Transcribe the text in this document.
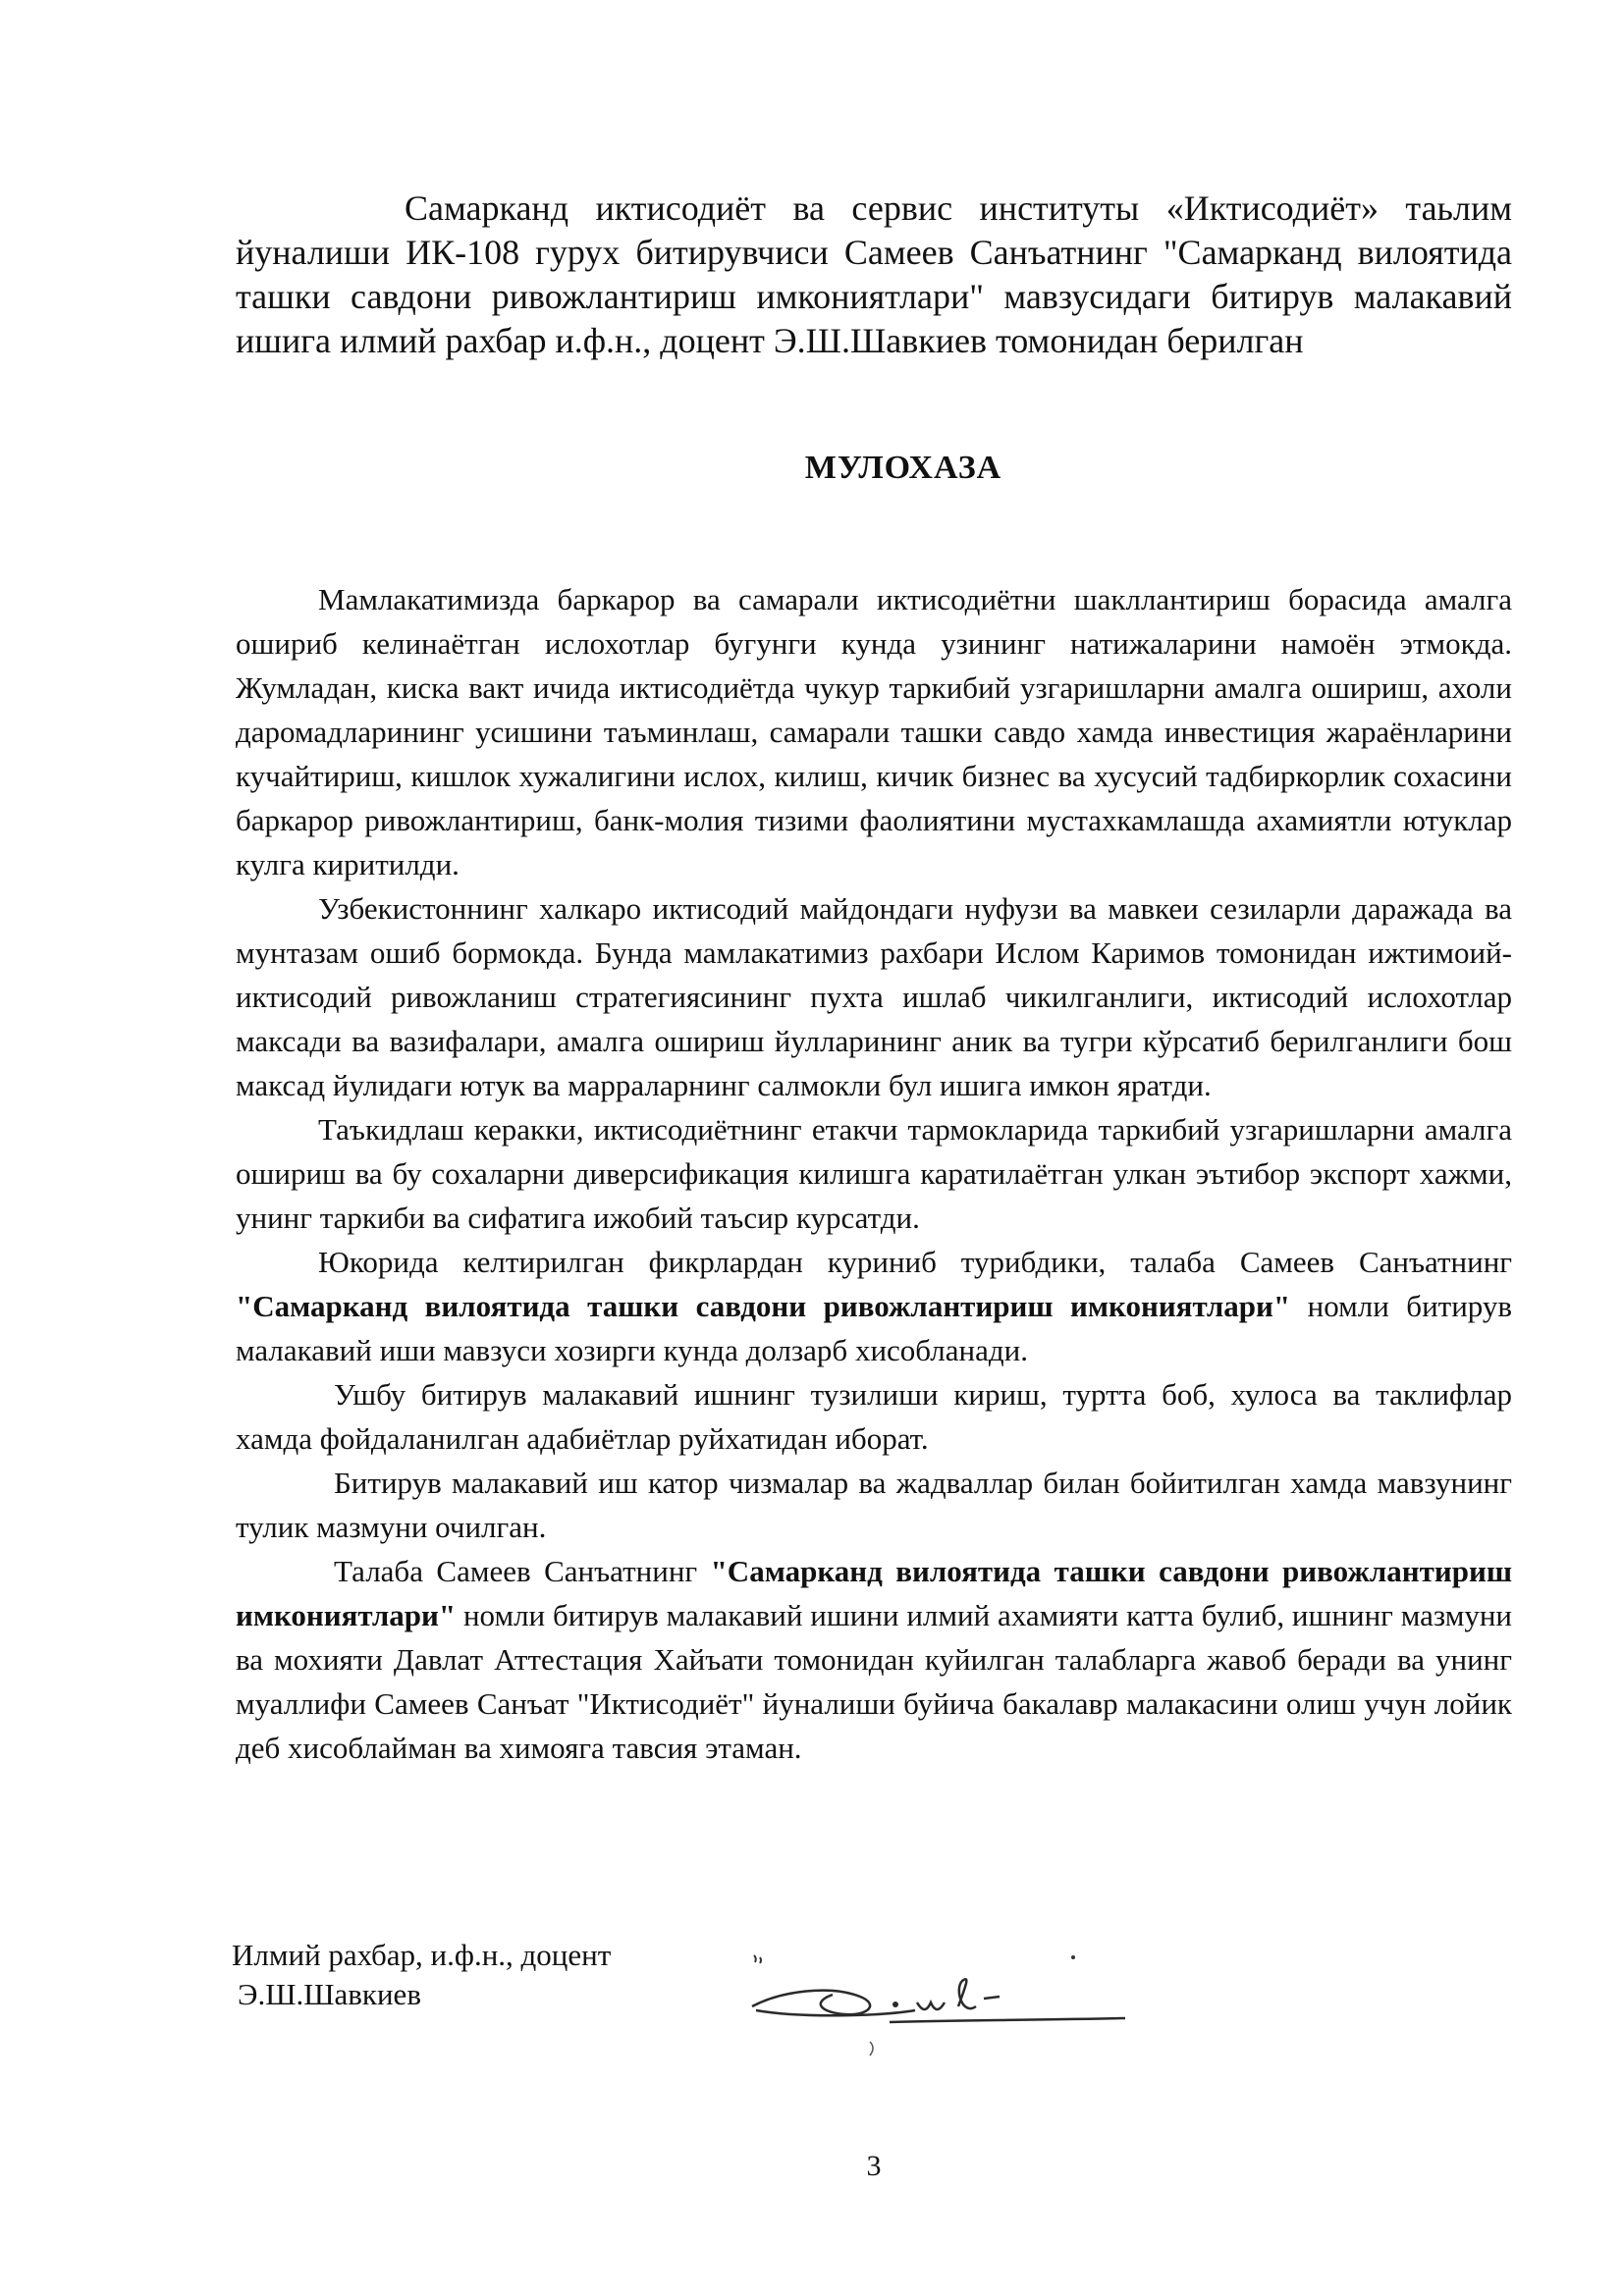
Самарканд иктисодиёт ва сервис институты «Иктисодиёт» таьлим йуналиши ИК-108 гурух битирувчиси Самеев Санъатнинг "Самарканд вилоятида ташки савдони ривожлантириш имкониятлари" мавзусидаги битирув малакавий ишига илмий рахбар и.ф.н., доцент Э.Ш.Шавкиев томонидан берилган
МУЛОХАЗА

Мамлакатимизда баркарор ва самарали иктисодиётни шакллантириш борасида амалга ошириб келинаётган ислохотлар бугунги кунда узининг натижаларини намоён этмокда. Жумладан, киска вакт ичида иктисодиётда чукур таркибий узгаришларни амалга ошириш, ахоли даромадларининг усишини таъминлаш, самарали ташки савдо хамда инвестиция жараёнларини кучайтириш, кишлок хужалигини ислох, килиш, кичик бизнес ва хусусий тадбиркорлик сохасини баркарор ривожлантириш, банк-молия тизими фаолиятини мустахкамлашда ахамиятли ютуклар кулга киритилди.

Узбекистоннинг халкаро иктисодий майдондаги нуфузи ва мавкеи сезиларли даражада ва мунтазам ошиб бормокда. Бунда мамлакатимиз рахбари Ислом Каримов томонидан ижтимоий-иктисодий ривожланиш стратегиясининг пухта ишлаб чикилганлиги, иктисодий ислохотлар максади ва вазифалари, амалга ошириш йулларининг аник ва тугри кўрсатиб берилганлиги бош максад йулидаги ютук ва марраларнинг салмокли бул ишига имкон яратди.

Таъкидлаш керакки, иктисодиётнинг етакчи тармокларида таркибий узгаришларни амалга ошириш ва бу сохаларни диверсификация килишга каратилаётган улкан эътибор экспорт хажми, унинг таркиби ва сифатига ижобий таъсир курсатди.

Юкорида келтирилган фикрлардан куриниб турибдики, талаба Самеев Санъатнинг "Самарканд вилоятида ташки савдони ривожлантириш имкониятлари" номли битирув малакавий иши мавзуси хозирги кунда долзарб хисобланади.

Ушбу битирув малакавий ишнинг тузилиши кириш, туртта боб, хулоса ва таклифлар хамда фойдаланилган адабиётлар руйхатидан иборат.

Битирув малакавий иш катор чизмалар ва жадваллар билан бойитилган хамда мавзунинг тулик мазмуни очилган.

Талаба Самеев Санъатнинг "Самарканд вилоятида ташки савдони ривожлантириш имкониятлари" номли битирув малакавий ишини илмий ахамияти катта булиб, ишнинг мазмуни ва мохияти Давлат Аттестация Хайъати томонидан куйилган талабларга жавоб беради ва унинг муаллифи Самеев Санъат "Иктисодиёт" йуналиши буйича бакалавр малакасини олиш учун лойик деб хисоблайман ва химояга тавсия этаман.

Илмий рахбар, и.ф.н., доцент
Э.Ш.Шавкиев
3
